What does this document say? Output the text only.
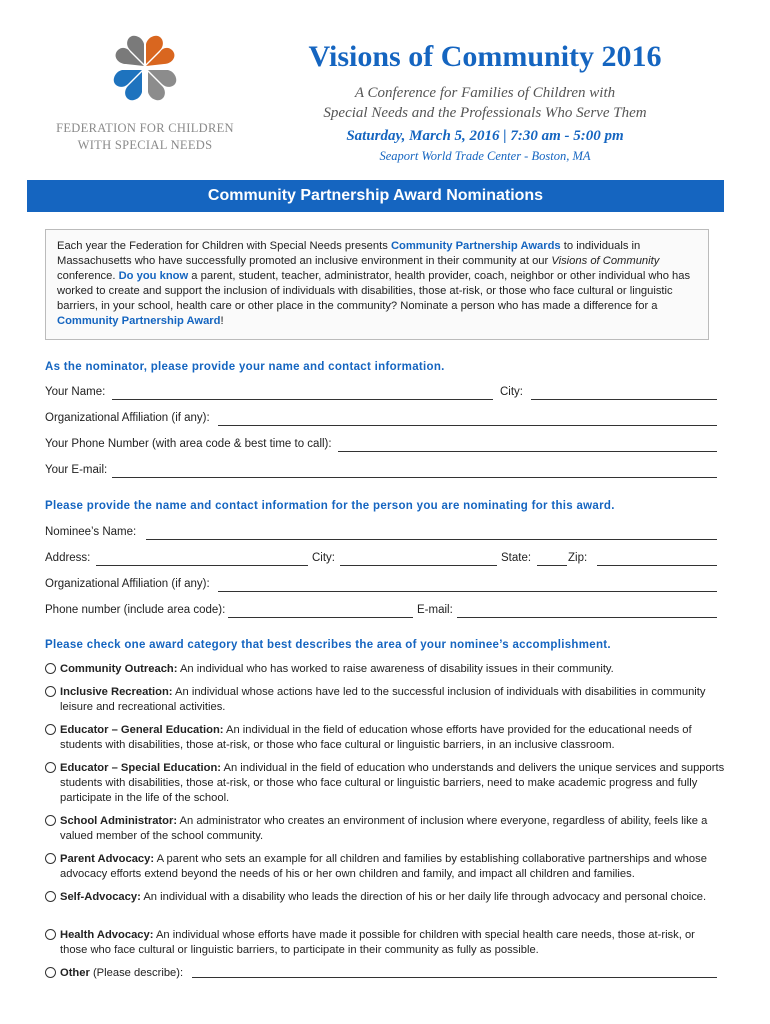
FEDERATION FOR CHILDREN
WITH SPECIAL NEEDS
Visions of Community 2016
A Conference for Families of Children with
Special Needs and the Professionals Who Serve Them
Saturday, March 5, 2016 | 7:30 am - 5:00 pm
Seaport World Trade Center - Boston, MA
Community Partnership Award Nominations
Each year the Federation for Children with Special Needs presents Community Partnership Awards to individuals in Massachusetts who have successfully promoted an inclusive environment in their community at our Visions of Community conference. Do you know a parent, student, teacher, administrator, health provider, coach, neighbor or other individual who has worked to create and support the inclusion of individuals with disabilities, those at-risk, or those who face cultural or linguistic barriers, in your school, health care or other place in the community? Nominate a person who has made a difference for a Community Partnership Award!
As the nominator, please provide your name and contact information.
Your Name:	City:
Organizational Affiliation (if any):
Your Phone Number (with area code & best time to call):
Your E-mail:
Please provide the name and contact information for the person you are nominating for this award.
Nominee’s Name:
Address:	City:	State:	Zip:
Organizational Affiliation (if any):
Phone number (include area code):	E-mail:
Please check one award category that best describes the area of your nominee’s accomplishment.
Community Outreach: An individual who has worked to raise awareness of disability issues in their community.
Inclusive Recreation: An individual whose actions have led to the successful inclusion of individuals with disabilities in community leisure and recreational activities.
Educator – General Education: An individual in the field of education whose efforts have provided for the educational needs of students with disabilities, those at-risk, or those who face cultural or linguistic barriers, in an inclusive classroom.
Educator – Special Education: An individual in the field of education who understands and delivers the unique services and supports students with disabilities, those at-risk, or those who face cultural or linguistic barriers, need to make academic progress and fully participate in the life of the school.
School Administrator: An administrator who creates an environment of inclusion where everyone, regardless of ability, feels like a valued member of the school community.
Parent Advocacy: A parent who sets an example for all children and families by establishing collaborative partnerships and whose advocacy efforts extend beyond the needs of his or her own children and family, and impact all children and families.
Self-Advocacy: An individual with a disability who leads the direction of his or her daily life through advocacy and personal choice.
Health Advocacy: An individual whose efforts have made it possible for children with special health care needs, those at-risk, or those who face cultural or linguistic barriers, to participate in their community as fully as possible.
Other (Please describe):
